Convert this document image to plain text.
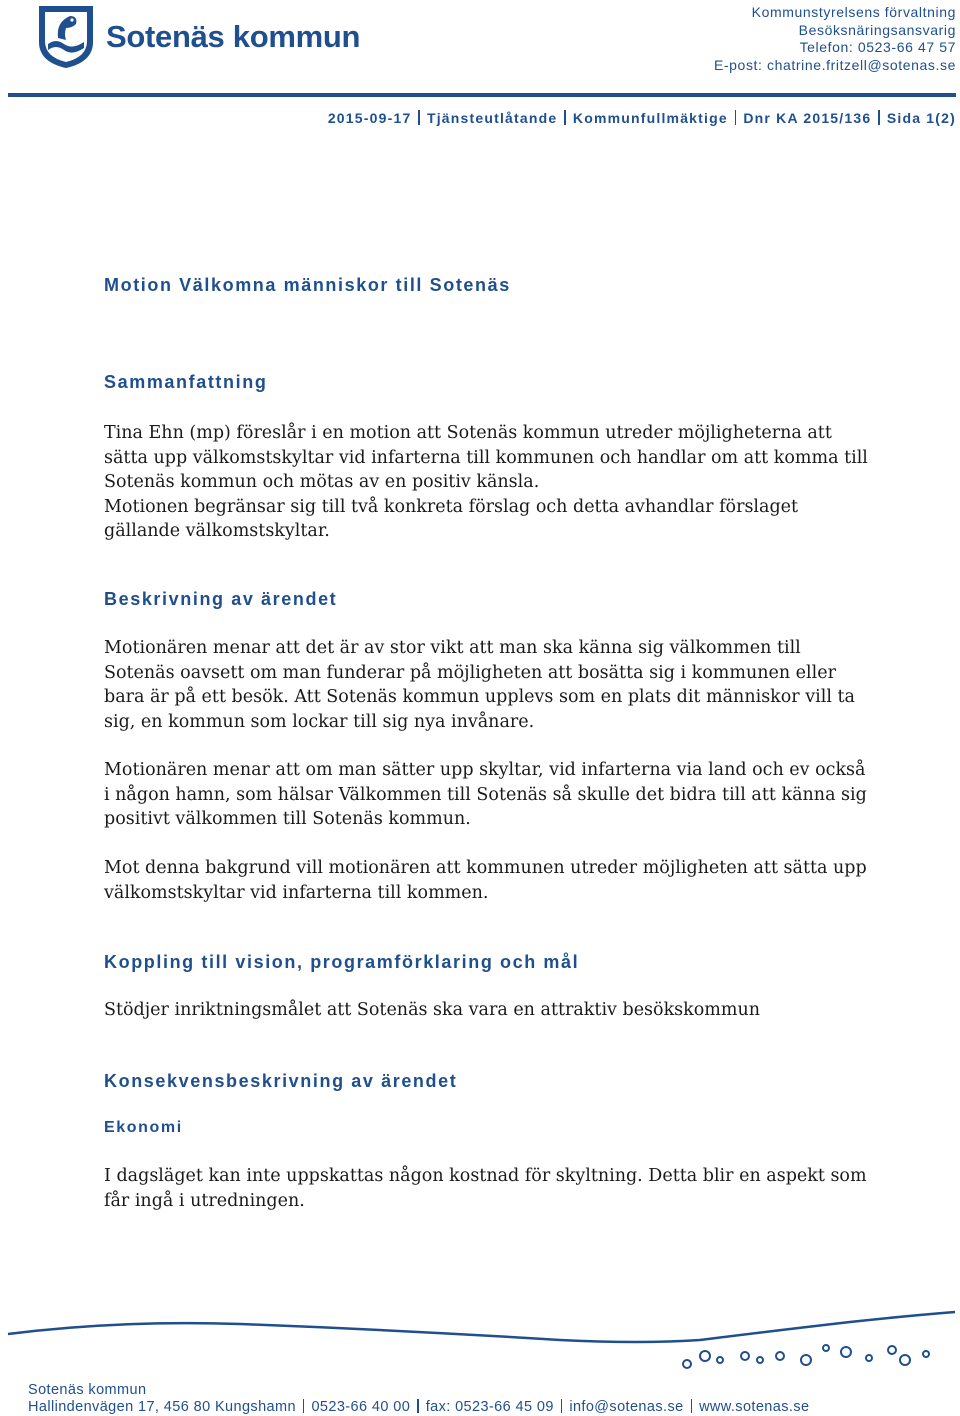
Sotenäs kommun
Kommunstyrelsens förvaltning
Besöksnäringsansvarig
Telefon: 0523-66 47 57
E-post: chatrine.fritzell@sotenas.se
2015-09-17 Tjänsteutlåtande Kommunfullmäktige Dnr KA 2015/136 Sida 1(2)
Motion Välkomna människor till Sotenäs
Sammanfattning

Tina Ehn (mp) föreslår i en motion att Sotenäs kommun utreder möjligheterna att sätta upp välkomstskyltar vid infarterna till kommunen och handlar om att komma till Sotenäs kommun och mötas av en positiv känsla.

Motionen begränsar sig till två konkreta förslag och detta avhandlar förslaget gällande välkomstskyltar.

Beskrivning av ärendet

Motionären menar att det är av stor vikt att man ska känna sig välkommen till Sotenäs oavsett om man funderar på möjligheten att bosätta sig i kommunen eller bara är på ett besök. Att Sotenäs kommun upplevs som en plats dit människor vill ta sig, en kommun som lockar till sig nya invånare.

Motionären menar att om man sätter upp skyltar, vid infarterna via land och ev också i någon hamn, som hälsar Välkommen till Sotenäs så skulle det bidra till att känna sig positivt välkommen till Sotenäs kommun.

Mot denna bakgrund vill motionären att kommunen utreder möjligheten att sätta upp välkomstskyltar vid infarterna till kommen.

Koppling till vision, programförklaring och mål

Stödjer inriktningsmålet att Sotenäs ska vara en attraktiv besökskommun

Konsekvensbeskrivning av ärendet
Ekonomi

I dagsläget kan inte uppskattas någon kostnad för skyltning. Detta blir en aspekt som får ingå i utredningen.

Sotenäs kommun
Hallindenvägen 17, 456 80 Kungshamn 0523-66 40 00 fax: 0523-66 45 09 info@sotenas.se www.sotenas.se
